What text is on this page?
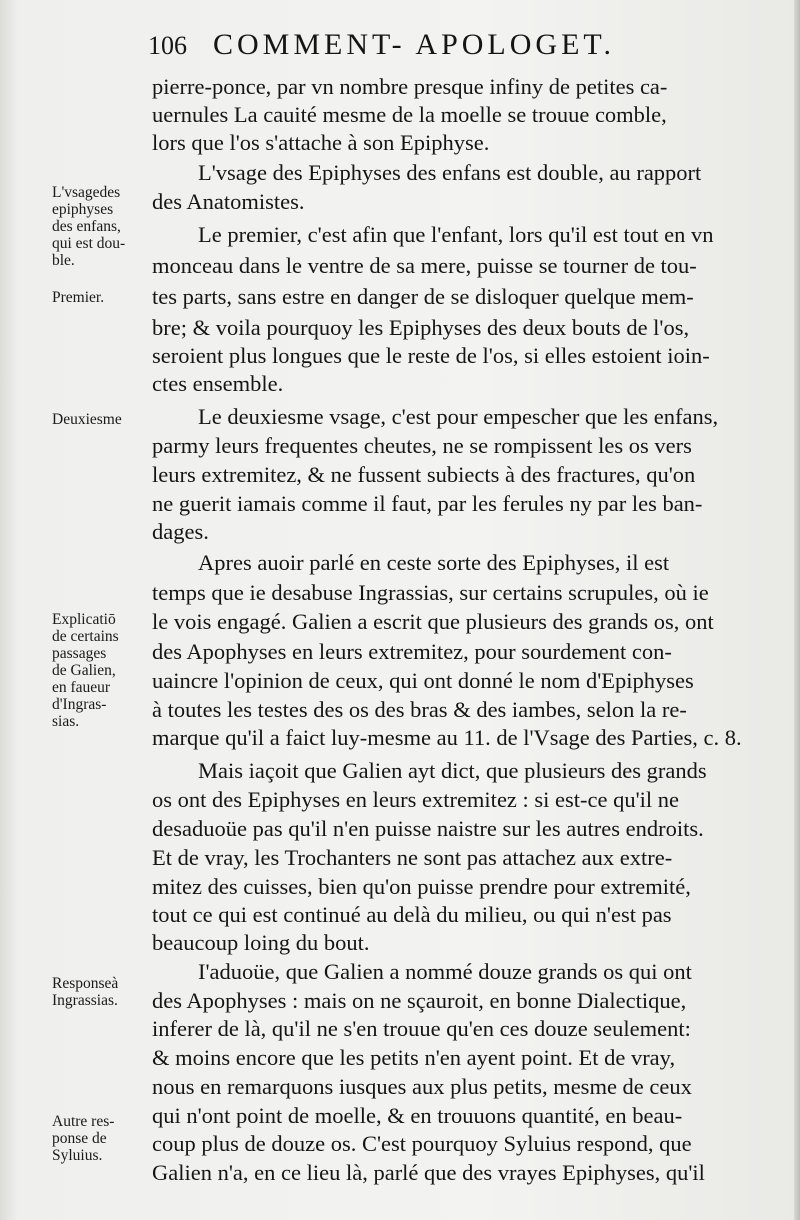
106 COMMENT- APOLOGET.
L'vsagedes
epiphyses
des enfans,
qui est dou-
ble.
Premier.
Deuxiesme
Explicatiō
de certains
passages
de Galien,
en faueur
d'Ingras-
sias.
Responseà
Ingrassias.
Autre res-
ponse de
Syluius.
pierre-ponce, par vn nombre presque infiny de petites ca-
uernules La cauité mesme de la moelle se trouue comble,
lors que l'os s'attache à son Epiphyse.
L'vsage des Epiphyses des enfans est double, au rapport
des Anatomistes.
Le premier, c'est afin que l'enfant, lors qu'il est tout en vn
monceau dans le ventre de sa mere, puisse se tourner de tou-
tes parts, sans estre en danger de se disloquer quelque mem-
bre; & voila pourquoy les Epiphyses des deux bouts de l'os,
seroient plus longues que le reste de l'os, si elles estoient ioin-
ctes ensemble.
Le deuxiesme vsage, c'est pour empescher que les enfans,
parmy leurs frequentes cheutes, ne se rompissent les os vers
leurs extremitez, & ne fussent subiects à des fractures, qu'on
ne guerit iamais comme il faut, par les ferules ny par les ban-
dages.
Apres auoir parlé en ceste sorte des Epiphyses, il est
temps que ie desabuse Ingrassias, sur certains scrupules, où ie
le vois engagé. Galien a escrit que plusieurs des grands os, ont
des Apophyses en leurs extremitez, pour sourdement con-
uaincre l'opinion de ceux, qui ont donné le nom d'Epiphyses
à toutes les testes des os des bras & des iambes, selon la re-
marque qu'il a faict luy-mesme au 11. de l'Vsage des Parties, c. 8.
Mais iaçoit que Galien ayt dict, que plusieurs des grands
os ont des Epiphyses en leurs extremitez : si est-ce qu'il ne
desaduoüe pas qu'il n'en puisse naistre sur les autres endroits.
Et de vray, les Trochanters ne sont pas attachez aux extre-
mitez des cuisses, bien qu'on puisse prendre pour extremité,
tout ce qui est continué au delà du milieu, ou qui n'est pas
beaucoup loing du bout.
I'aduoüe, que Galien a nommé douze grands os qui ont
des Apophyses : mais on ne sçauroit, en bonne Dialectique,
inferer de là, qu'il ne s'en trouue qu'en ces douze seulement:
& moins encore que les petits n'en ayent point. Et de vray,
nous en remarquons iusques aux plus petits, mesme de ceux
qui n'ont point de moelle, & en trouuons quantité, en beau-
coup plus de douze os. C'est pourquoy Syluius respond, que
Galien n'a, en ce lieu là, parlé que des vrayes Epiphyses, qu'il
